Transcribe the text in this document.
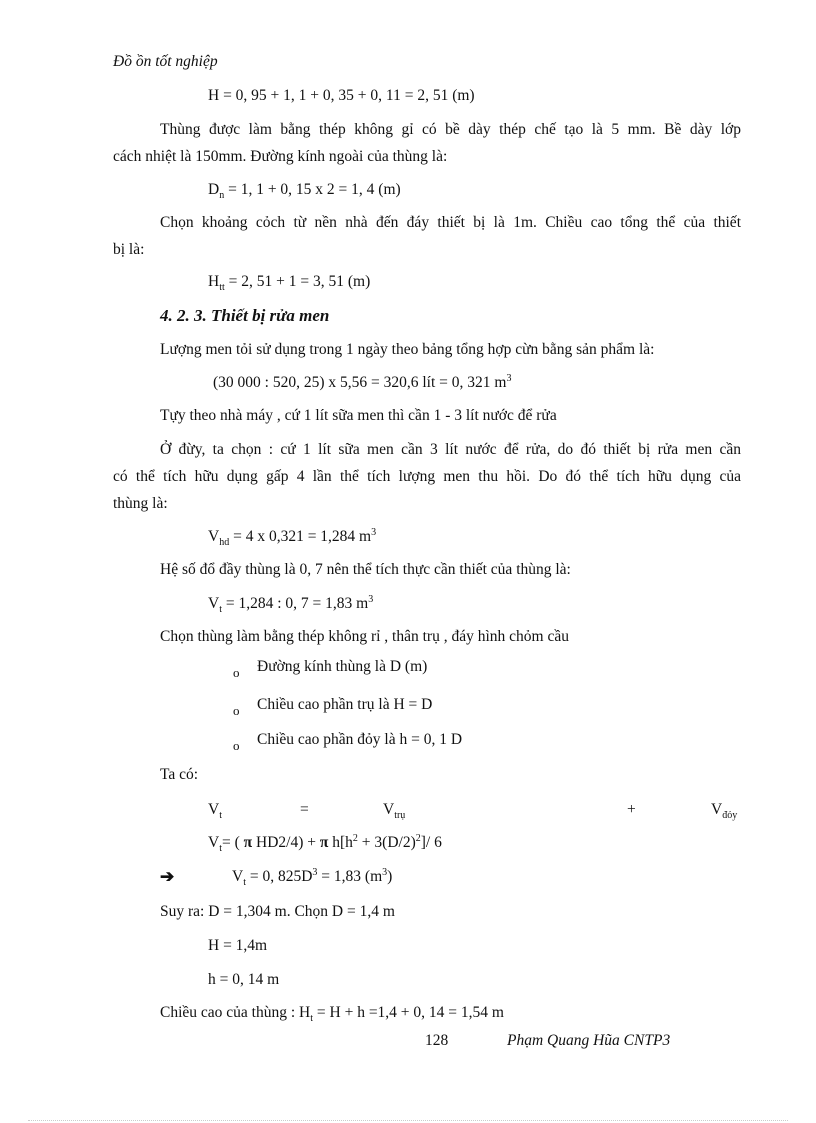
Đồ ồn tốt nghiệp
H = 0, 95 + 1, 1 + 0, 35 + 0, 11 = 2, 51 (m)
Thùng được làm bằng thép không gỉ có bề dày thép chế tạo là 5 mm. Bề dày lớp
cách nhiệt là 150mm. Đường kính ngoài của thùng là:
$D_n = 1$, 1 + 0, 15 x 2 = 1, 4 (m)
Chọn khoảng cỏch từ nền nhà đến đáy thiết bị là 1m. Chiều cao tổng thể của thiết
bị là:
$H_{tt} = 2$, 51 + 1 = 3, 51 (m)
4. 2. 3. Thiết bị rửa men
Lượng men tỏi sử dụng trong 1 ngày theo bảng tổng hợp cừn bằng sản phẩm là:
(30 000 : 520, 25) x 5,56 = 320,6 lít = 0, 321 $m^3$
Tựy theo nhà máy , cứ 1 lít sữa men thì cần 1 - 3 lít nước để rửa
Ở đừy, ta chọn : cứ 1 lít sữa men cần 3 lít nước để rửa, do đó thiết bị rửa men cần
có thể tích hữu dụng gấp 4 lần thể tích lượng men thu hồi. Do đó thể tích hữu dụng của
thùng là:
$V_{hd} = 4$ x 0,321 = 1,284 $m^3$
Hệ số đổ đầy thùng là 0, 7 nên thể tích thực cần thiết của thùng là:
$V_t = 1,284$ : 0, 7 = 1,83 $m^3$
Chọn thùng làm bằng thép không rỉ , thân trụ , đáy hình chỏm cầu
o Đường kính thùng là D (m)
o Chiều cao phần trụ là H = D
o Chiều cao phần đỏy là h = 0, 1 D
Ta có:
$V_t$	=	$V_{trụ}$	+	$V_{đỏy}$
$V_t=$ ( π HD2/4) + π $h[h^2 + 3(D/2)^2]/$ 6
➔	$V_t = 0$, $825D^3 = 1,83$ $(m^3)$
Suy ra: D = 1,304 m. Chọn D = 1,4 m
H = 1,4m
h = 0, 14 m
Chiều cao của thùng : $H_t = H + h =1,4 + 0$, 14 = 1,54 m
128	Phạm Quang Hũa CNTP3
